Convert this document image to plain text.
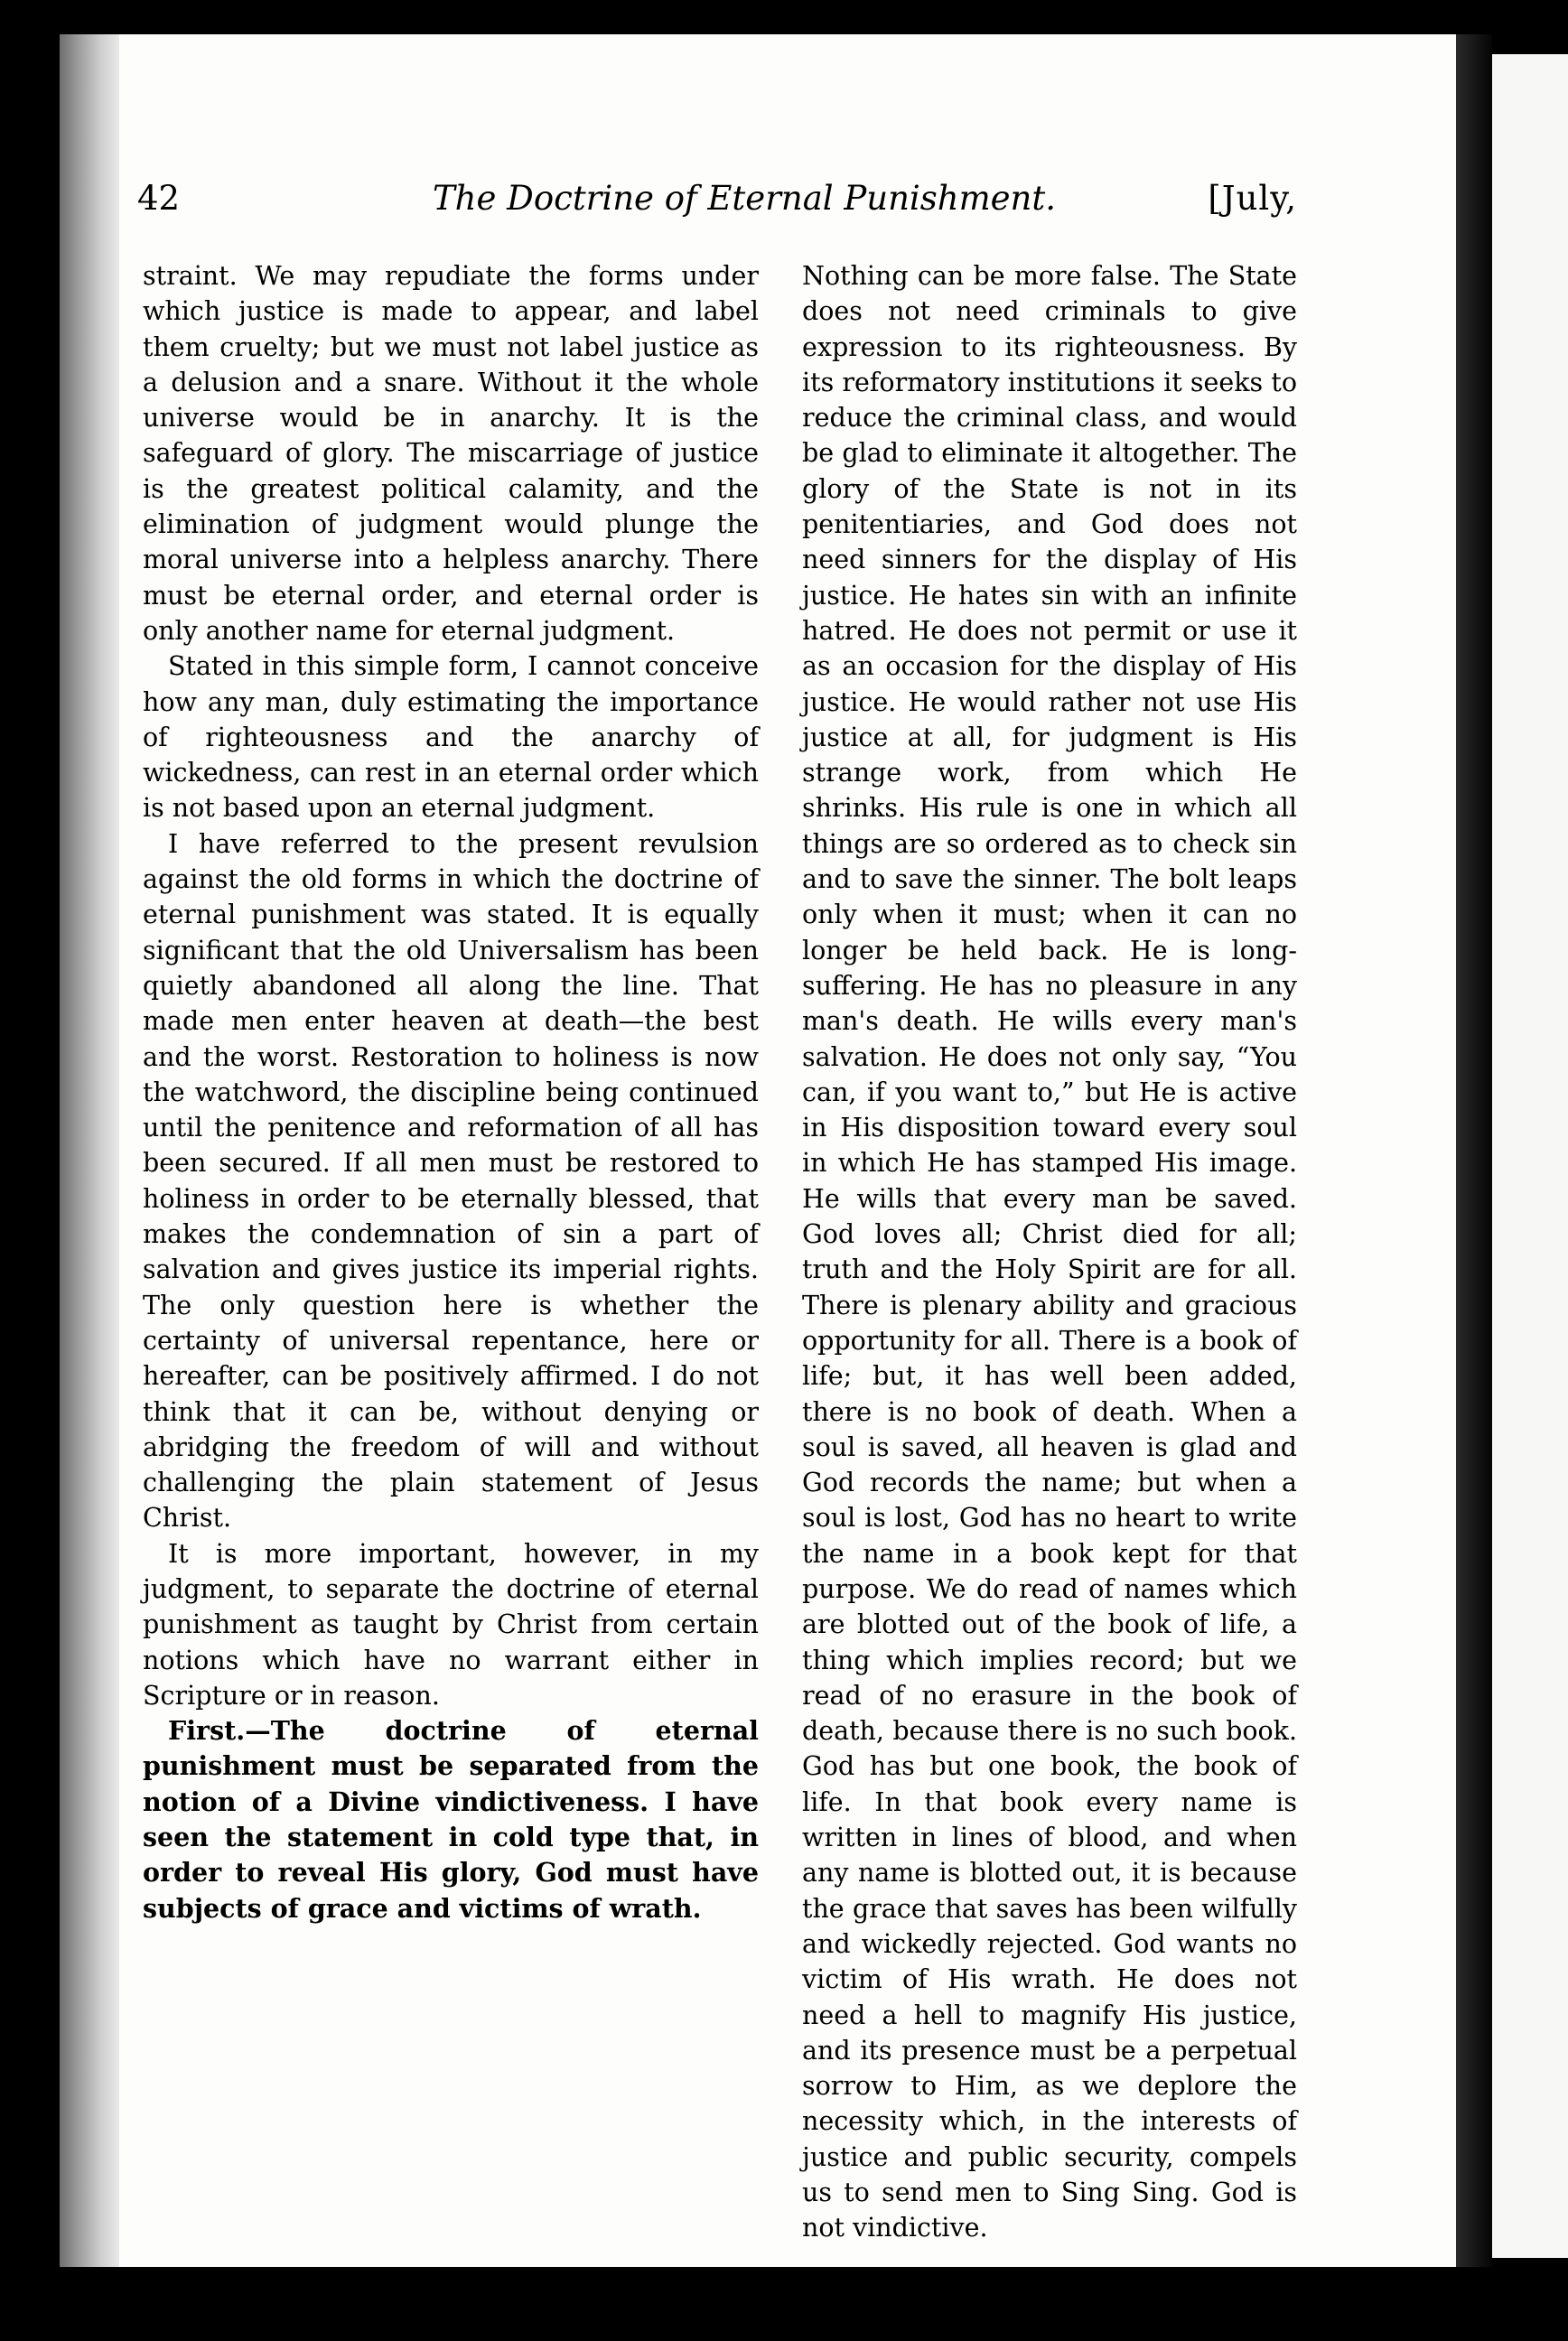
42	The Doctrine of Eternal Punishment.	[July,

straint. We may repudiate the forms under which justice is made to appear, and label them cruelty; but we must not label justice as a delusion and a snare. Without it the whole universe would be in anarchy. It is the safeguard of glory. The miscarriage of justice is the greatest political calamity, and the elimination of judgment would plunge the moral universe into a helpless anarchy. There must be eternal order, and eternal order is only another name for eternal judgment.

Stated in this simple form, I cannot conceive how any man, duly estimating the importance of righteousness and the anarchy of wickedness, can rest in an eternal order which is not based upon an eternal judgment.

I have referred to the present revulsion against the old forms in which the doctrine of eternal punishment was stated. It is equally significant that the old Universalism has been quietly abandoned all along the line. That made men enter heaven at death—the best and the worst. Restoration to holiness is now the watchword, the discipline being continued until the penitence and reformation of all has been secured. If all men must be restored to holiness in order to be eternally blessed, that makes the condemnation of sin a part of salvation and gives justice its imperial rights. The only question here is whether the certainty of universal repentance, here or hereafter, can be positively affirmed. I do not think that it can be, without denying or abridging the freedom of will and without challenging the plain statement of Jesus Christ.

It is more important, however, in my judgment, to separate the doctrine of eternal punishment as taught by Christ from certain notions which have no warrant either in Scripture or in reason.

First.—The doctrine of eternal punishment must be separated from the notion of a Divine vindictiveness. I have seen the statement in cold type that, in order to reveal His glory, God must have subjects of grace and victims of wrath.

Nothing can be more false. The State does not need criminals to give expression to its righteousness. By its reformatory institutions it seeks to reduce the criminal class, and would be glad to eliminate it altogether. The glory of the State is not in its penitentiaries, and God does not need sinners for the display of His justice. He hates sin with an infinite hatred. He does not permit or use it as an occasion for the display of His justice. He would rather not use His justice at all, for judgment is His strange work, from which He shrinks. His rule is one in which all things are so ordered as to check sin and to save the sinner. The bolt leaps only when it must; when it can no longer be held back. He is long-suffering. He has no pleasure in any man's death. He wills every man's salvation. He does not only say, “You can, if you want to,” but He is active in His disposition toward every soul in which He has stamped His image. He wills that every man be saved. God loves all; Christ died for all; truth and the Holy Spirit are for all. There is plenary ability and gracious opportunity for all. There is a book of life; but, it has well been added, there is no book of death. When a soul is saved, all heaven is glad and God records the name; but when a soul is lost, God has no heart to write the name in a book kept for that purpose. We do read of names which are blotted out of the book of life, a thing which implies record; but we read of no erasure in the book of death, because there is no such book. God has but one book, the book of life. In that book every name is written in lines of blood, and when any name is blotted out, it is because the grace that saves has been wilfully and wickedly rejected. God wants no victim of His wrath. He does not need a hell to magnify His justice, and its presence must be a perpetual sorrow to Him, as we deplore the necessity which, in the interests of justice and public security, compels us to send men to Sing Sing. God is not vindictive.
